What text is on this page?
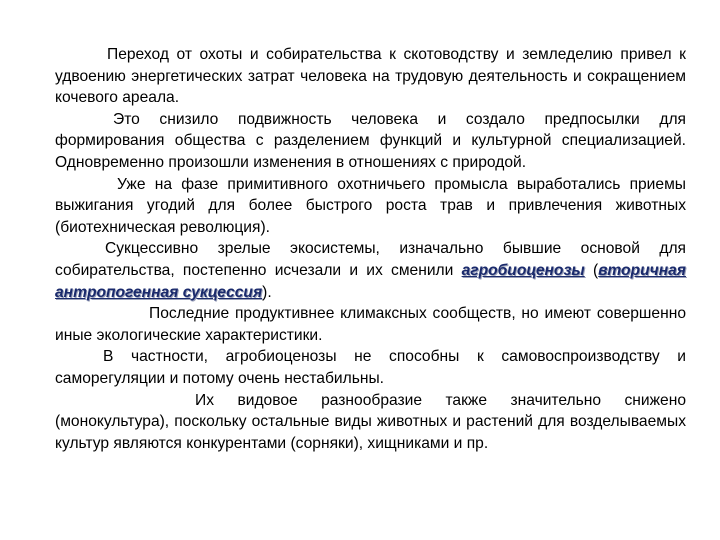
Переход от охоты и собирательства к скотоводству и земледелию привел к удвоению энергетических затрат человека на трудовую деятельность и сокращением кочевого ареала.

Это снизило подвижность человека и создало предпосылки для формирования общества с разделением функций и культурной специализацией. Одновременно произошли изменения в отношениях с природой.

Уже на фазе примитивного охотничьего промысла выработались приемы выжигания угодий для более быстрого роста трав и привлечения животных (биотехническая революция).

Сукцессивно зрелые экосистемы, изначально бывшие основой для собирательства, постепенно исчезали и их сменили агробиоценозы (вторичная антропогенная сукцессия).

Последние продуктивнее климаксных сообществ, но имеют совершенно иные экологические характеристики.

В частности, агробиоценозы не способны к самовоспроизводству и саморегуляции и потому очень нестабильны.

Их видовое разнообразие также значительно снижено (монокультура), поскольку остальные виды животных и растений для возделываемых культур являются конкурентами (сорняки), хищниками и пр.
